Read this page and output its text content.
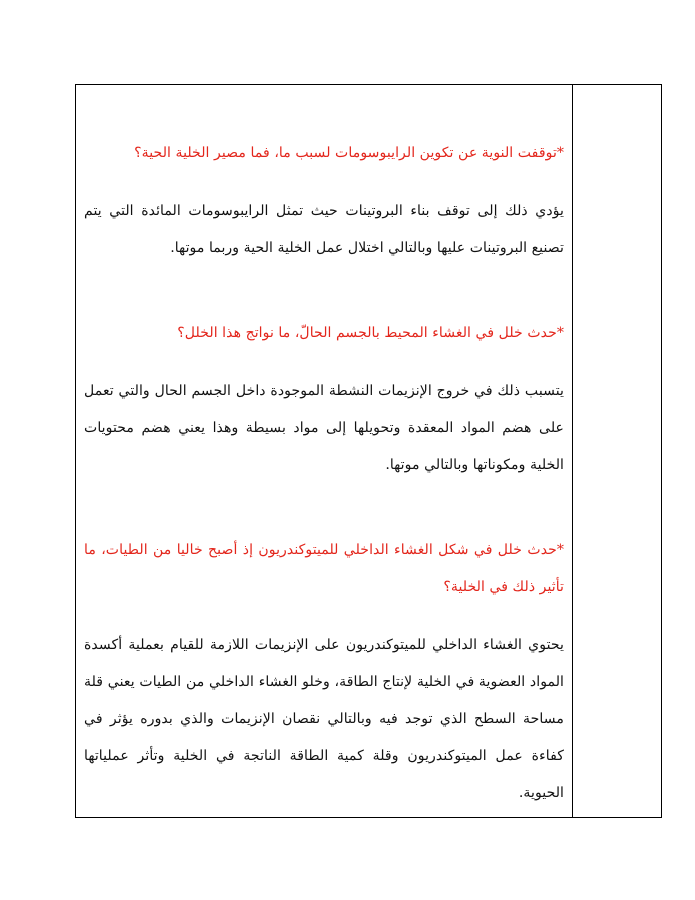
*توقفت النوية عن تكوين الرايبوسومات لسبب ما، فما مصير الخلية الحية؟

يؤدي ذلك إلى توقف بناء البروتينات حيث تمثل الرايبوسومات المائدة التي يتم تصنيع البروتينات عليها وبالتالي اختلال عمل الخلية الحية وربما موتها.

*حدث خلل في الغشاء المحيط بالجسم الحالّ، ما نواتج هذا الخلل؟

يتسبب ذلك في خروج الإنزيمات النشطة الموجودة داخل الجسم الحال والتي تعمل على هضم المواد المعقدة وتحويلها إلى مواد بسيطة وهذا يعني هضم محتويات الخلية ومكوناتها وبالتالي موتها.

*حدث خلل في شكل الغشاء الداخلي للميتوكندريون إذ أصبح خاليا من الطيات، ما تأثير ذلك في الخلية؟

يحتوي الغشاء الداخلي للميتوكندريون على الإنزيمات اللازمة للقيام بعملية أكسدة المواد العضوية في الخلية لإنتاج الطاقة، وخلو الغشاء الداخلي من الطيات يعني قلة مساحة السطح الذي توجد فيه وبالتالي نقصان الإنزيمات والذي بدوره يؤثر في كفاءة عمل الميتوكندريون وقلة كمية الطاقة الناتجة في الخلية وتأثر عملياتها الحيوية.
